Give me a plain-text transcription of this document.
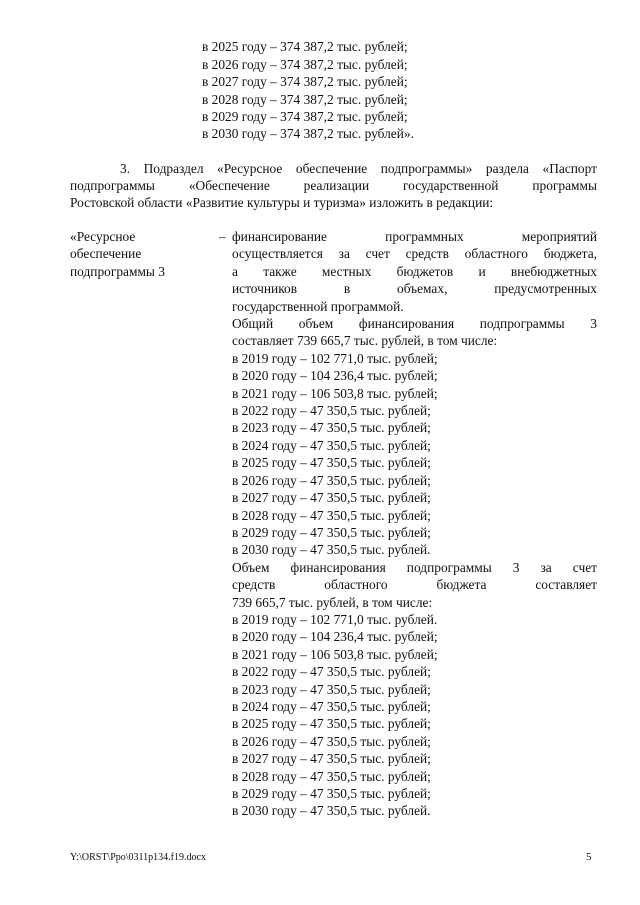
в 2025 году – 374 387,2 тыс. рублей;
в 2026 году – 374 387,2 тыс. рублей;
в 2027 году – 374 387,2 тыс. рублей;
в 2028 году – 374 387,2 тыс. рублей;
в 2029 году – 374 387,2 тыс. рублей;
в 2030 году – 374 387,2 тыс. рублей».
3. Подраздел «Ресурсное обеспечение подпрограммы» раздела «Паспорт
подпрограммы «Обеспечение реализации государственной программы
Ростовской области «Развитие культуры и туризма» изложить в редакции:
«Ресурсное
обеспечение
подпрограммы 3
– финансирование программных мероприятий
осуществляется за счет средств областного бюджета,
а также местных бюджетов и внебюджетных
источников в объемах, предусмотренных
государственной программой.
Общий объем финансирования подпрограммы 3
составляет 739 665,7 тыс. рублей, в том числе:
в 2019 году – 102 771,0 тыс. рублей;
в 2020 году – 104 236,4 тыс. рублей;
в 2021 году – 106 503,8 тыс. рублей;
в 2022 году – 47 350,5 тыс. рублей;
в 2023 году – 47 350,5 тыс. рублей;
в 2024 году – 47 350,5 тыс. рублей;
в 2025 году – 47 350,5 тыс. рублей;
в 2026 году – 47 350,5 тыс. рублей;
в 2027 году – 47 350,5 тыс. рублей;
в 2028 году – 47 350,5 тыс. рублей;
в 2029 году – 47 350,5 тыс. рублей;
в 2030 году – 47 350,5 тыс. рублей.
Объем финансирования подпрограммы 3 за счет
средств областного бюджета составляет
739 665,7 тыс. рублей, в том числе:
в 2019 году – 102 771,0 тыс. рублей.
в 2020 году – 104 236,4 тыс. рублей;
в 2021 году – 106 503,8 тыс. рублей;
в 2022 году – 47 350,5 тыс. рублей;
в 2023 году – 47 350,5 тыс. рублей;
в 2024 году – 47 350,5 тыс. рублей;
в 2025 году – 47 350,5 тыс. рублей;
в 2026 году – 47 350,5 тыс. рублей;
в 2027 году – 47 350,5 тыс. рублей;
в 2028 году – 47 350,5 тыс. рублей;
в 2029 году – 47 350,5 тыс. рублей;
в 2030 году – 47 350,5 тыс. рублей.
Y:\ORST\Ppo\0311p134.f19.docx	5
